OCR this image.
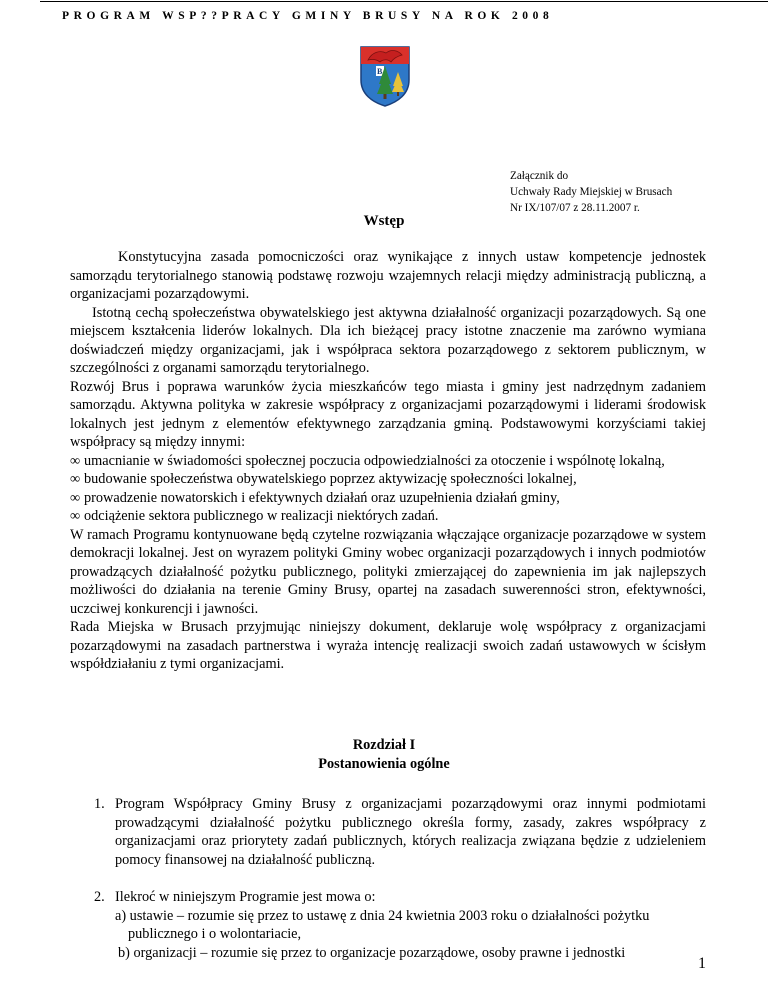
PROGRAM WSP??PRACY GMINY BRUSY NA ROK 2008
B
Załącznik do
Uchwały Rady Miejskiej w Brusach
Nr IX/107/07 z 28.11.2007 r.
Wstęp

Konstytucyjna zasada pomocniczości oraz wynikające z innych ustaw kompetencje jednostek samorządu terytorialnego stanowią podstawę rozwoju wzajemnych relacji między administracją publiczną, a organizacjami pozarządowymi.

Istotną cechą społeczeństwa obywatelskiego jest aktywna działalność organizacji pozarządowych. Są one miejscem kształcenia liderów lokalnych. Dla ich bieżącej pracy istotne znaczenie ma zarówno wymiana doświadczeń między organizacjami, jak i współpraca sektora pozarządowego z sektorem publicznym, w szczególności z organami samorządu terytorialnego.

Rozwój Brus i poprawa warunków życia mieszkańców tego miasta i gminy jest nadrzędnym zadaniem samorządu. Aktywna polityka w zakresie współpracy z organizacjami pozarządowymi i liderami środowisk lokalnych jest jednym z elementów efektywnego zarządzania gminą. Podstawowymi korzyściami takiej współpracy są między innymi:

∞ umacnianie w świadomości społecznej poczucia odpowiedzialności za otoczenie i wspólnotę lokalną,
∞ budowanie społeczeństwa obywatelskiego poprzez aktywizację społeczności lokalnej,
∞ prowadzenie nowatorskich i efektywnych działań oraz uzupełnienia działań gminy,
∞ odciążenie sektora publicznego w realizacji niektórych zadań.

W ramach Programu kontynuowane będą czytelne rozwiązania włączające organizacje pozarządowe w system demokracji lokalnej. Jest on wyrazem polityki Gminy wobec organizacji pozarządowych i innych podmiotów prowadzących działalność pożytku publicznego, polityki zmierzającej do zapewnienia im jak najlepszych możliwości do działania na terenie Gminy Brusy, opartej na zasadach suwerenności stron, efektywności, uczciwej konkurencji i jawności.

Rada Miejska w Brusach przyjmując niniejszy dokument, deklaruje wolę współpracy z organizacjami pozarządowymi na zasadach partnerstwa i wyraża intencję realizacji swoich zadań ustawowych w ścisłym współdziałaniu z tymi organizacjami.

Rozdział I
Postanowienia ogólne
1. Program Współpracy Gminy Brusy z organizacjami pozarządowymi oraz innymi podmiotami prowadzącymi działalność pożytku publicznego określa formy, zasady, zakres współpracy z organizacjami oraz priorytety zadań publicznych, których realizacja związana będzie z udzieleniem pomocy finansowej na działalność publiczną.
2. Ilekroć w niniejszym Programie jest mowa o:
a) ustawie – rozumie się przez to ustawę z dnia 24 kwietnia 2003 roku o działalności pożytku
publicznego i o wolontariacie,
b) organizacji – rozumie się przez to organizacje pozarządowe, osoby prawne i jednostki
1
